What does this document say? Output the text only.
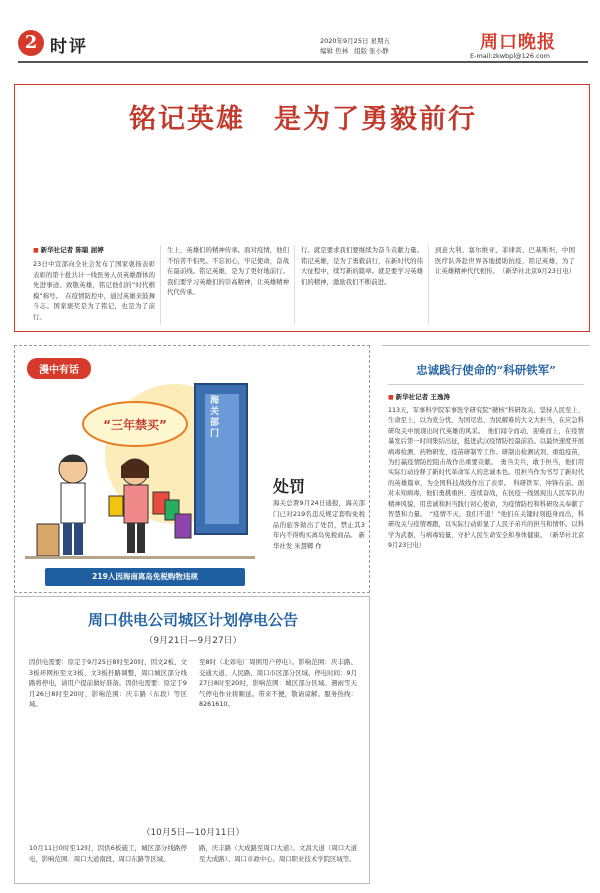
2 时评	2020年9月25日 星期五
编辑 焦林 组版 张小静	周口晚报
E-mail:zkwbpl@126.com
铭记英雄　是为了勇毅前行
■ 新华社记者 陈聪 屈婷
23日中宣部向全社会发布了国家褒扬表彰表彰的第十批共计一线医务人员英雄群体的先进事迹。致敬英雄，铭记他们的“时代楷模”称号。　在疫情防控中，通过英雄来鼓舞斗志。国家褒奖是为了铭记，也是为了前行。
生上，英雄们的精神传承。面对疫情，他们不怕苦不怕死。不忘初心，牢记使命，奋战在最前线。铭记英雄，是为了更好地前行。我们要学习英雄们的崇高精神，让英雄精神代代传承。
行。就是要求我们要继续为奋斗贡献力量。铭记英雄，是为了勇毅前行，在新时代的伟大征程中，续写新的篇章。就是要学习英雄们的精神，激励我们不断前进。
到意大利、塞尔维亚、菲律宾、巴基斯坦，中国医疗队奔赴世界各地援助抗疫，铭记英雄，为了让英雄精神代代相传。　（新华社北京9月23日电）
漫中有话
“三年禁买”
海关部门
219人因海南离岛免税购物违规
处罚
海关总署9月24日通报，海关部门已对219名违反规定套购免税品的旅客做出了处罚，禁止其3年内不得购买离岛免税商品。 新华社发 朱慧卿 作
周口供电公司城区计划停电公告
（9月21日—9月27日）
因供电需要：原定于9月25日8时至20时，因文2板、文3板环网柜至文3板、文3板杆路调整，周口城区部分线路将停电，请用户提前做好准备。因供电需要：原定于9月26日8时至20时，影响范围：庆丰路（东段）等区域。
至8时（北郊电厂周围用户停电）。影响范围：庆丰路、交通大道、人民路、周口市区部分区域。停电时间：9月27日8时至20时，影响范围：城区部分区域。遇雨雪天气停电作业将顺延。带来不便，敬请谅解。服务热线：8261610。
（10月5日—10月11日）
10月11日0时至12时，因供6板施工，城区部分线路停电，影响范围：周口大道南段、周口东路等区域。
路，庆丰路（大成路至周口大道）。文昌大道（周口大道至大成路）、周口市政中心、周口职业技术学院区域等。
忠诚践行使命的“科研铁军”
■ 新华社记者 王逸涛
113天，军事科学院军事医学研究院“硬核”科研攻关，坚持人民至上、生命至上，以为党分忧、为国尽忠、为民解难的大义大担当，在应急科研攻关中展现出时代英雄的风采。　他们闻令而动、迎难而上，在疫情暴发后第一时间集结出征，挺进武汉疫情防控最前沿。以最快速度开展病毒检测、药物研发、疫苗研制等工作。研制出检测试剂、重组疫苗，为打赢疫情防控阻击战作出重要贡献。　勇当尖兵，敢于担当，他们用实际行动诠释了新时代革命军人的忠诚本色。用担当作为书写了新时代的英雄篇章，为全国科技战线作出了表率。　科研铁军、冲锋在前。面对未知病毒，他们勇挑重担、连续奋战，在抗疫一线展现出人民军队的精神风貌，用忠诚和担当践行初心使命，为疫情防控和科研攻关奉献了智慧和力量。　“疫情不灭，我们不退！”他们在关键时刻挺身而出，科研攻关与疫情赛跑，以实际行动彰显了人民子弟兵的担当和情怀。以科学为武器，与病毒较量，守护人民生命安全和身体健康。　（新华社北京9月23日电）
